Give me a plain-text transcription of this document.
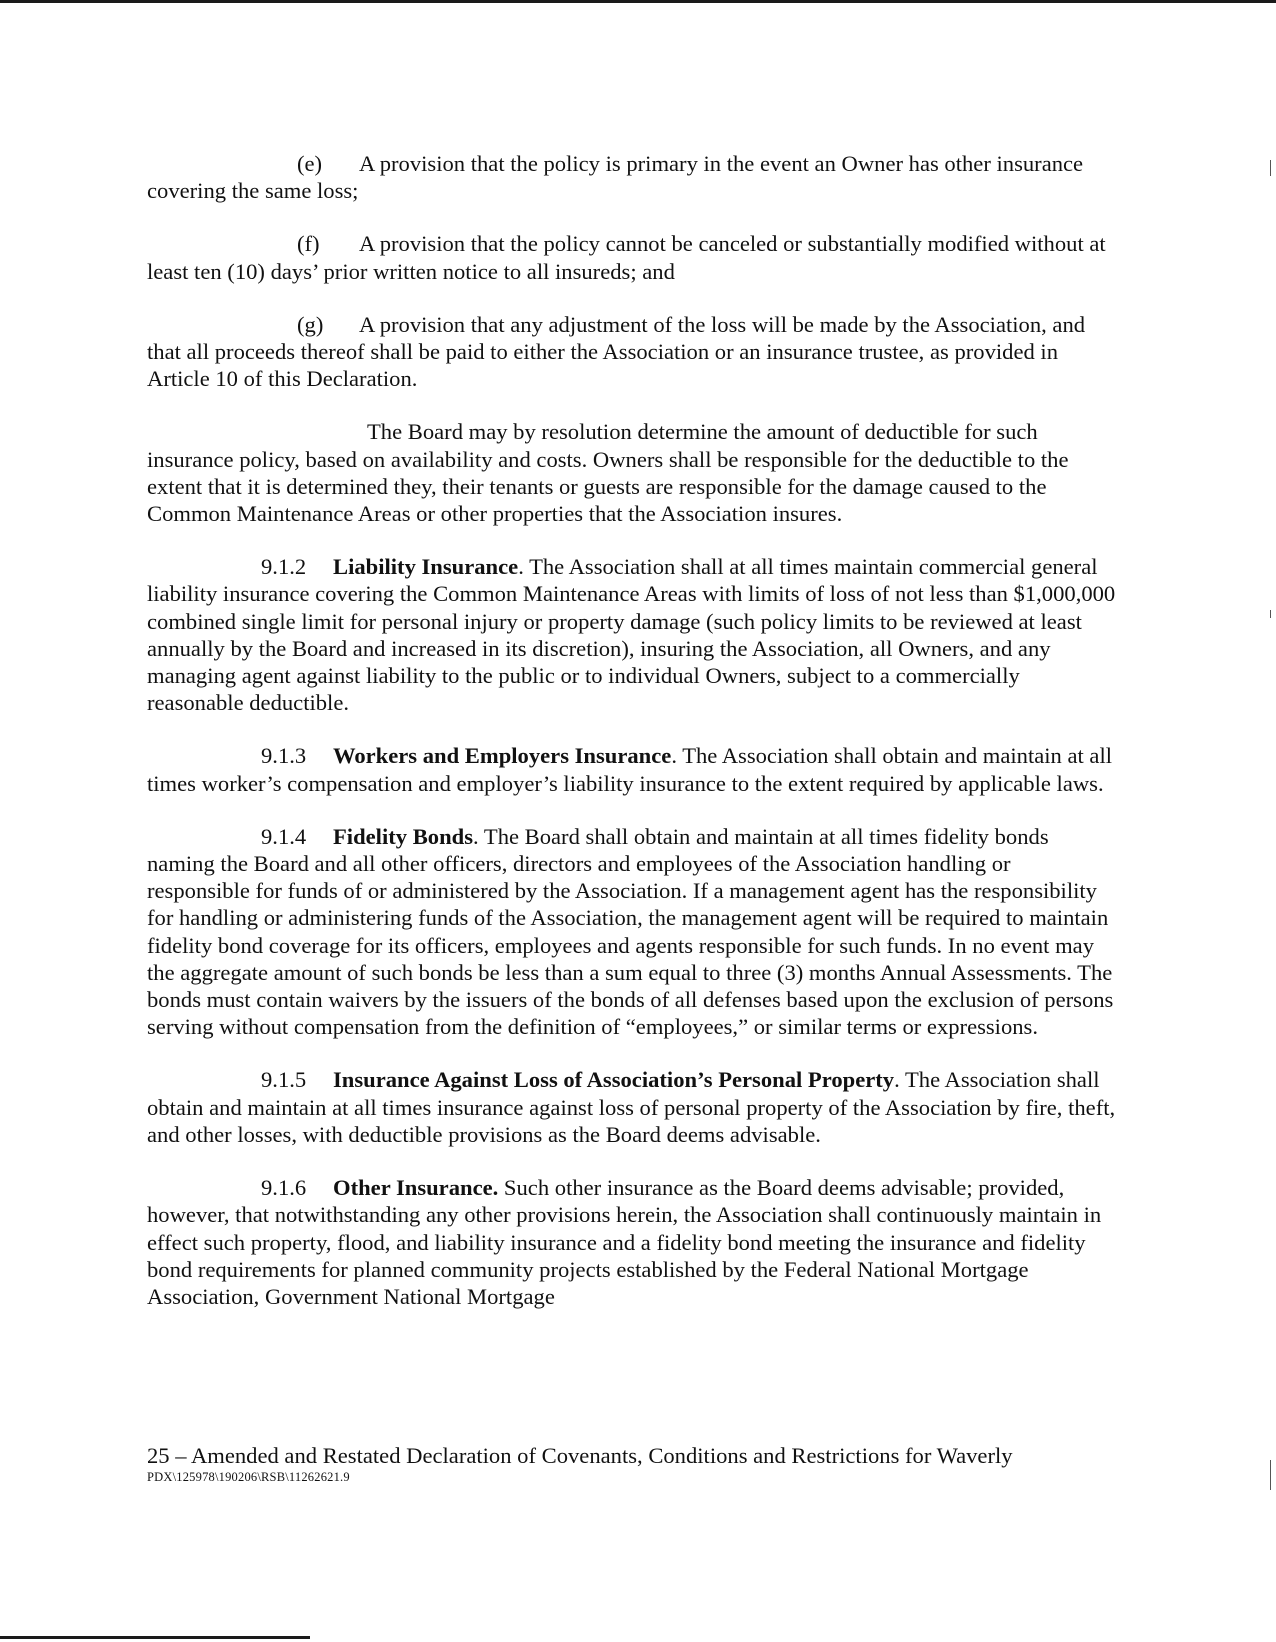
(e) A provision that the policy is primary in the event an Owner has other insurance covering the same loss;

(f) A provision that the policy cannot be canceled or substantially modified without at least ten (10) days’ prior written notice to all insureds; and

(g) A provision that any adjustment of the loss will be made by the Association, and that all proceeds thereof shall be paid to either the Association or an insurance trustee, as provided in Article 10 of this Declaration.

The Board may by resolution determine the amount of deductible for such insurance policy, based on availability and costs. Owners shall be responsible for the deductible to the extent that it is determined they, their tenants or guests are responsible for the damage caused to the Common Maintenance Areas or other properties that the Association insures.

9.1.2 Liability Insurance. The Association shall at all times maintain commercial general liability insurance covering the Common Maintenance Areas with limits of loss of not less than $1,000,000 combined single limit for personal injury or property damage (such policy limits to be reviewed at least annually by the Board and increased in its discretion), insuring the Association, all Owners, and any managing agent against liability to the public or to individual Owners, subject to a commercially reasonable deductible.

9.1.3 Workers and Employers Insurance. The Association shall obtain and maintain at all times worker’s compensation and employer’s liability insurance to the extent required by applicable laws.

9.1.4 Fidelity Bonds. The Board shall obtain and maintain at all times fidelity bonds naming the Board and all other officers, directors and employees of the Association handling or responsible for funds of or administered by the Association. If a management agent has the responsibility for handling or administering funds of the Association, the management agent will be required to maintain fidelity bond coverage for its officers, employees and agents responsible for such funds. In no event may the aggregate amount of such bonds be less than a sum equal to three (3) months Annual Assessments. The bonds must contain waivers by the issuers of the bonds of all defenses based upon the exclusion of persons serving without compensation from the definition of “employees,” or similar terms or expressions.

9.1.5 Insurance Against Loss of Association’s Personal Property. The Association shall obtain and maintain at all times insurance against loss of personal property of the Association by fire, theft, and other losses, with deductible provisions as the Board deems advisable.

9.1.6 Other Insurance. Such other insurance as the Board deems advisable; provided, however, that notwithstanding any other provisions herein, the Association shall continuously maintain in effect such property, flood, and liability insurance and a fidelity bond meeting the insurance and fidelity bond requirements for planned community projects established by the Federal National Mortgage Association, Government National Mortgage

25 – Amended and Restated Declaration of Covenants, Conditions and Restrictions for Waverly
PDX\125978\190206\RSB\11262621.9
